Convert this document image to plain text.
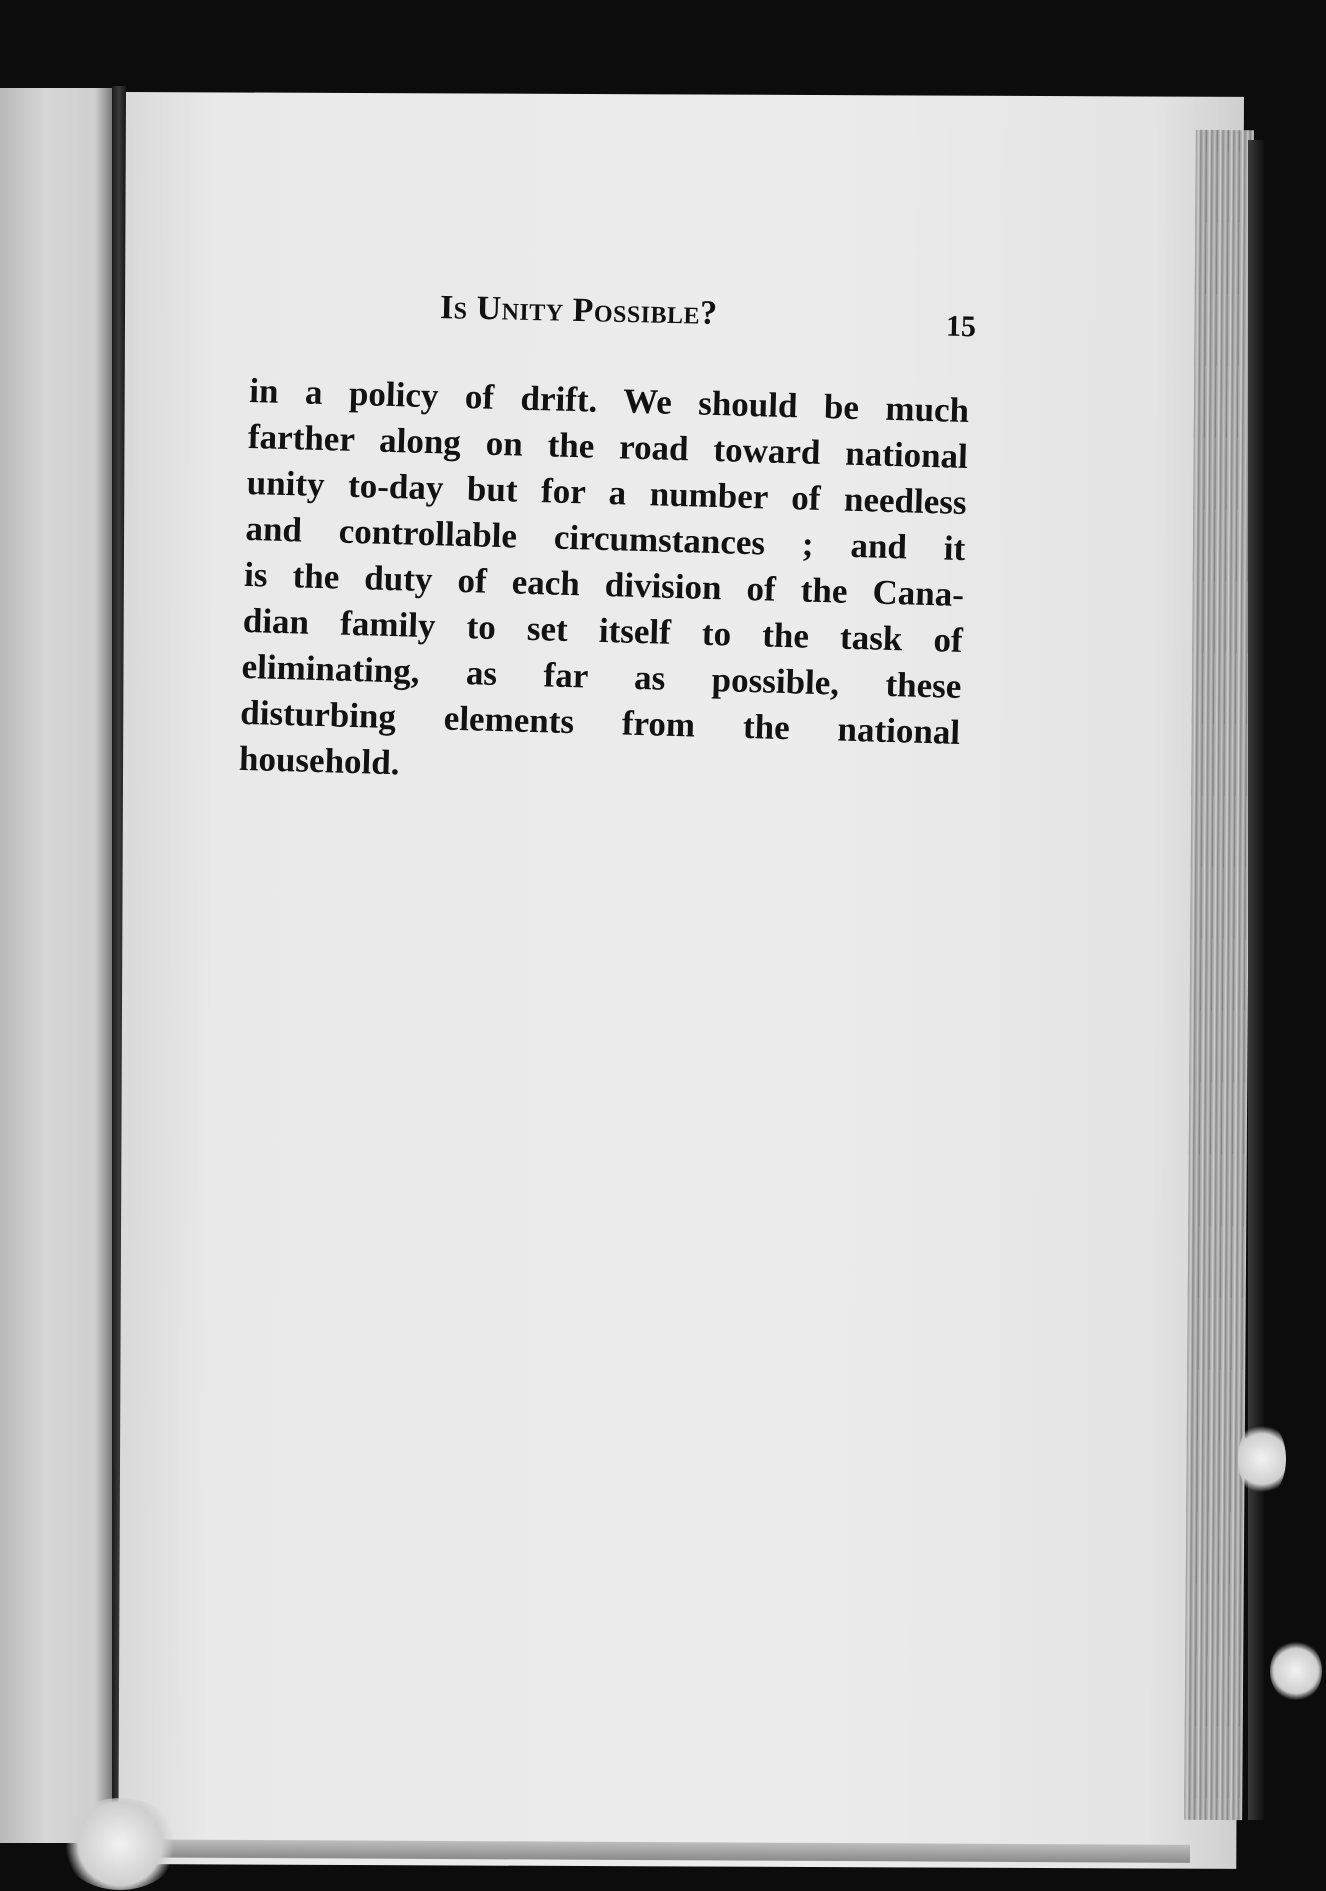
Is Unity Possible?	15
in a policy of drift. We should be much
farther along on the road toward national
unity to-day but for a number of needless
and controllable circumstances ; and it
is the duty of each division of the Cana-
dian family to set itself to the task of
eliminating, as far as possible, these
disturbing elements from the national
household.
